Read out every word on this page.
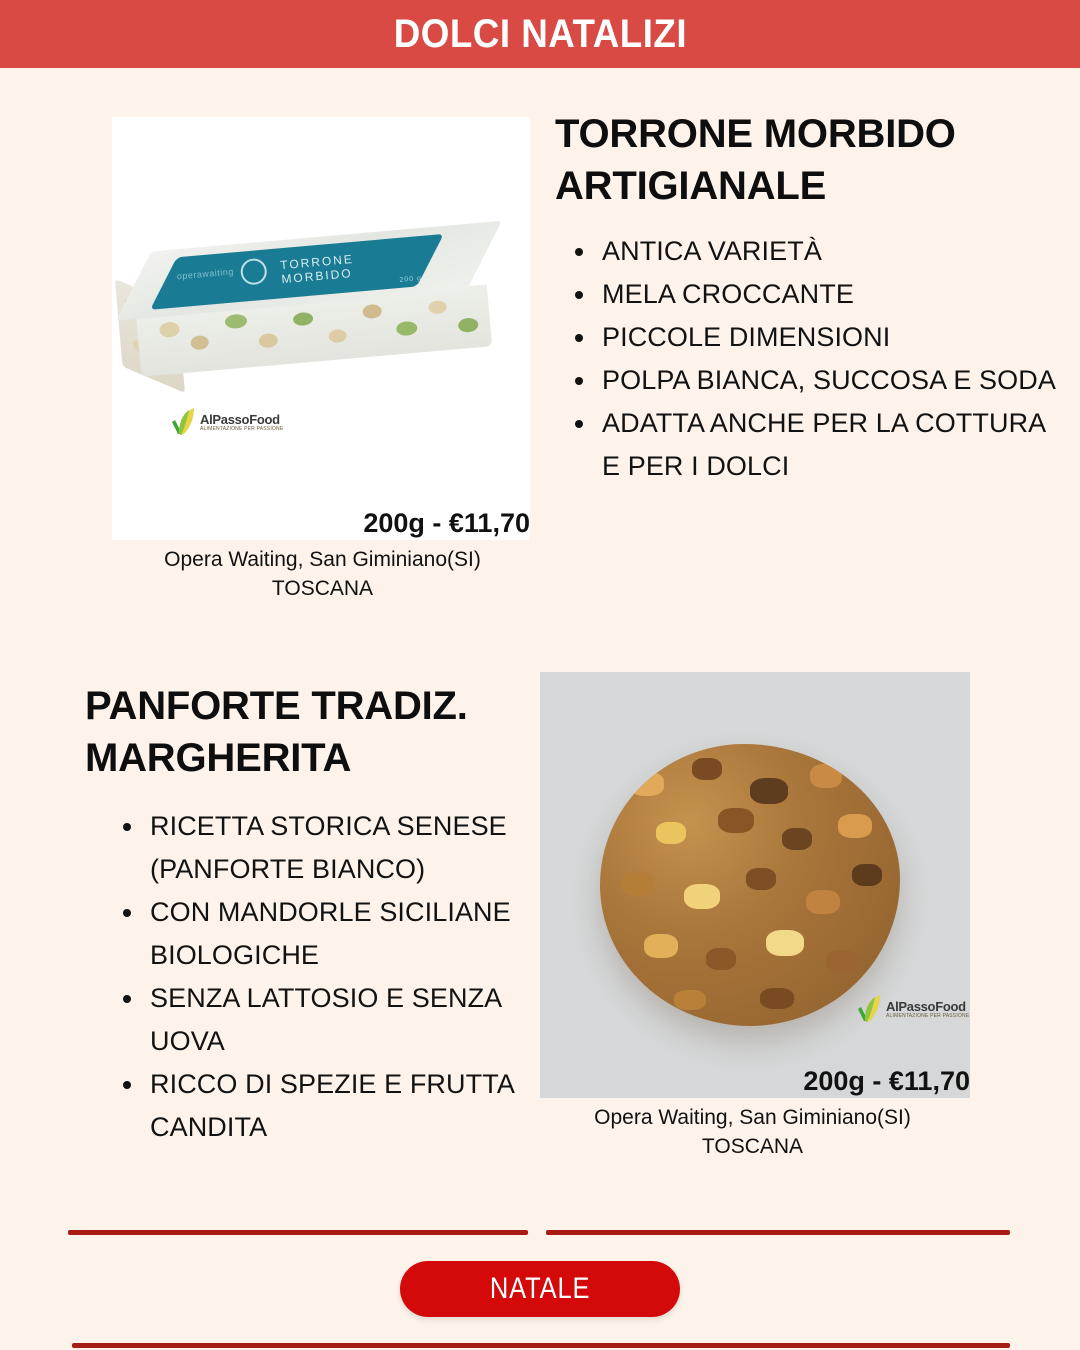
DOLCI NATALIZI
operawaiting
TORRONE MORBIDO	200 g
AlPassoFood
ALIMENTAZIONE PER PASSIONE
TORRONE MORBIDO ARTIGIANALE
• ANTICA VARIETÀ
• MELA CROCCANTE
• PICCOLE DIMENSIONI
• POLPA BIANCA, SUCCOSA E SODA
• ADATTA ANCHE PER LA COTTURA E PER I DOLCI
200g - €11,70
Opera Waiting, San Giminiano(SI)
TOSCANA
PANFORTE TRADIZ. MARGHERITA
• RICETTA STORICA SENESE (PANFORTE BIANCO)
• CON MANDORLE SICILIANE BIOLOGICHE
• SENZA LATTOSIO E SENZA UOVA
• RICCO DI SPEZIE E FRUTTA CANDITA
AlPassoFood
ALIMENTAZIONE PER PASSIONE
200g - €11,70
Opera Waiting, San Giminiano(SI)
TOSCANA
NATALE
